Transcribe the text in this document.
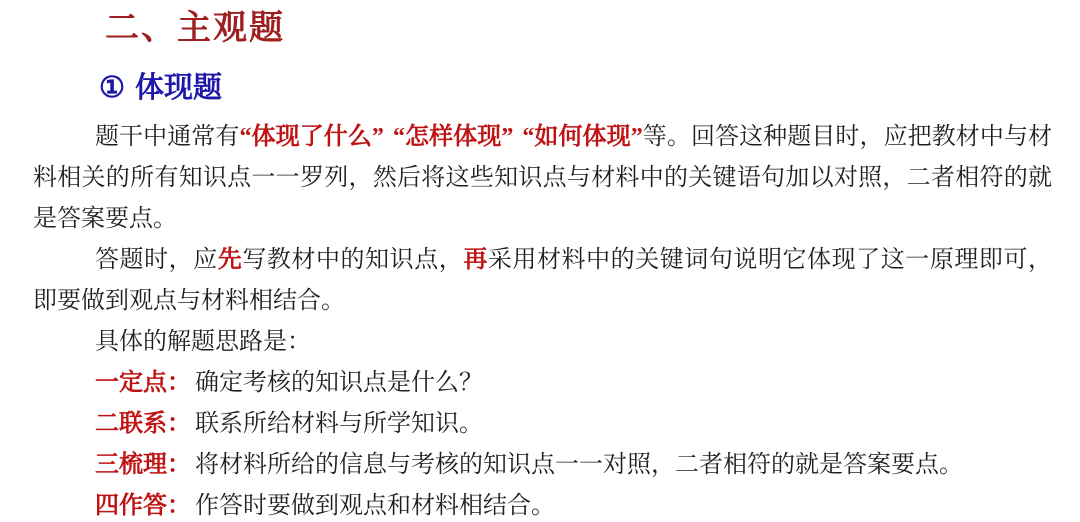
二、主观题
① 体现题

题干中通常有“体现了什么” “怎样体现” “如何体现”等。回答这种题目时，应把教材中与材料相关的所有知识点一一罗列，然后将这些知识点与材料中的关键语句加以对照，二者相符的就是答案要点。

答题时，应先写教材中的知识点，再采用材料中的关键词句说明它体现了这一原理即可，即要做到观点与材料相结合。

具体的解题思路是：

一定点： 确定考核的知识点是什么？

二联系： 联系所给材料与所学知识。

三梳理： 将材料所给的信息与考核的知识点一一对照，二者相符的就是答案要点。

四作答： 作答时要做到观点和材料相结合。
